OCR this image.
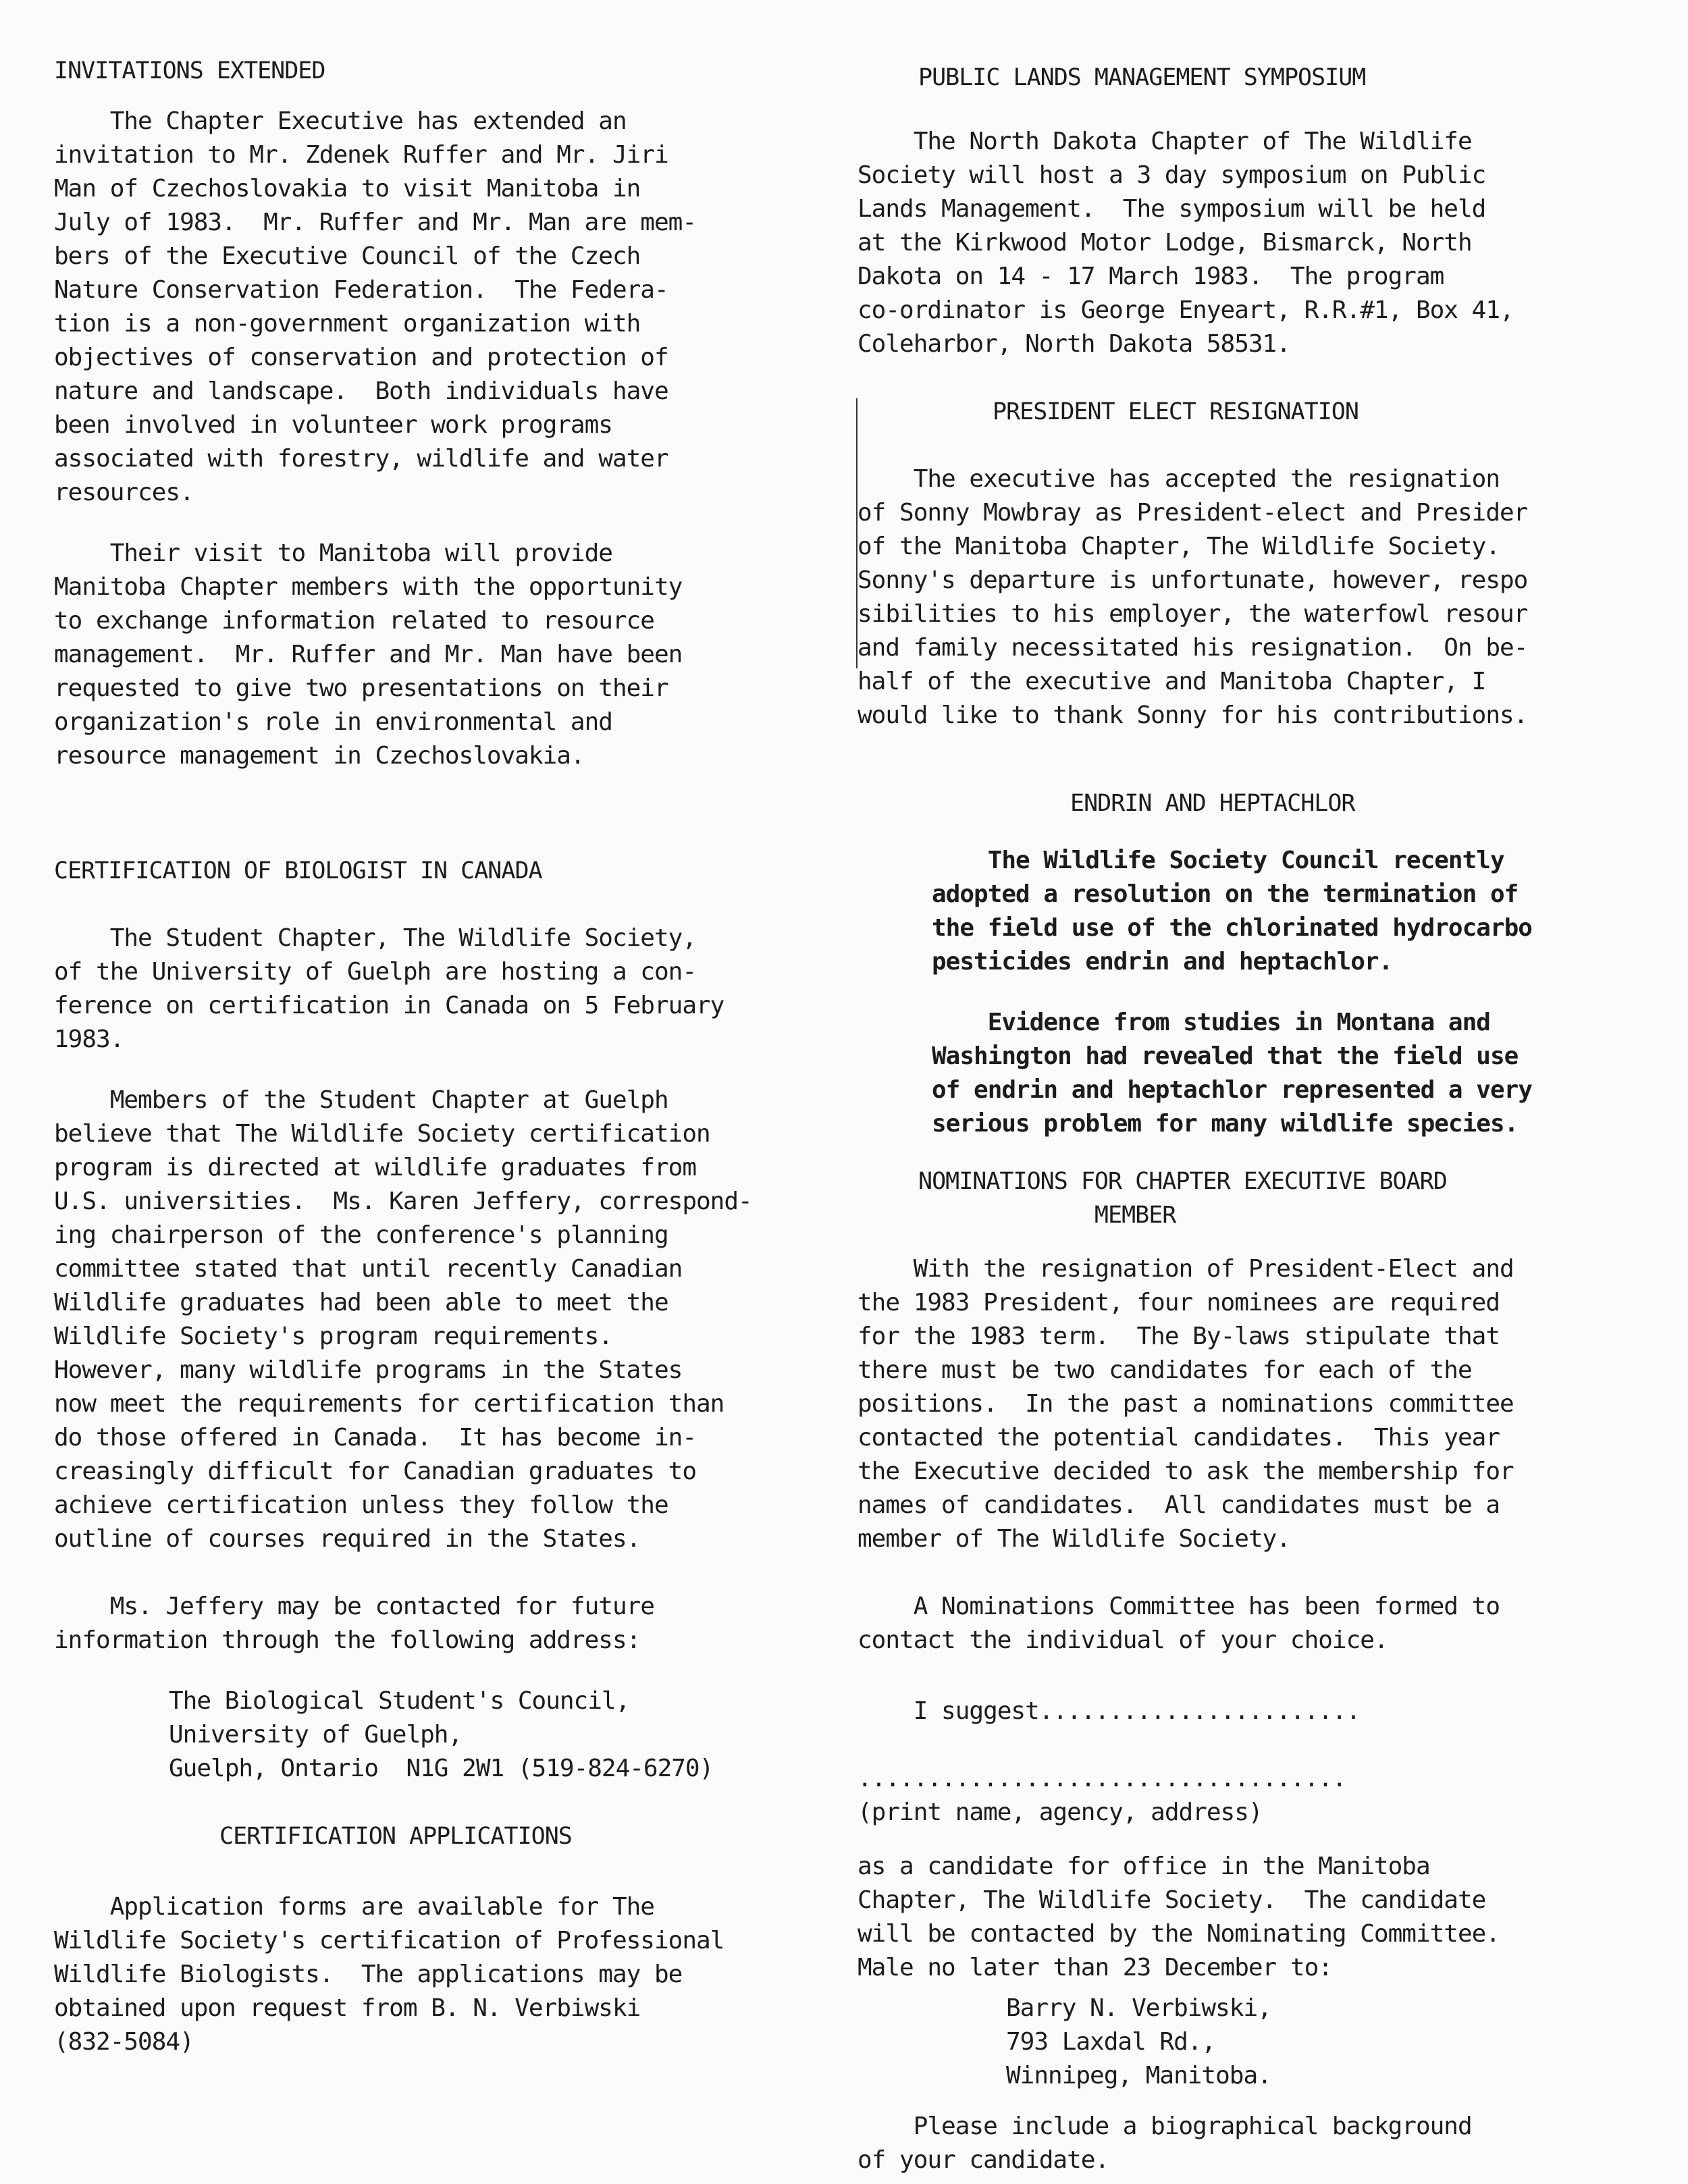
INVITATIONS EXTENDED
The Chapter Executive has extended an
invitation to Mr. Zdenek Ruffer and Mr. Jiri
Man of Czechoslovakia to visit Manitoba in
July of 1983.  Mr. Ruffer and Mr. Man are mem-
bers of the Executive Council of the Czech
Nature Conservation Federation.  The Federa-
tion is a non-government organization with
objectives of conservation and protection of
nature and landscape.  Both individuals have
been involved in volunteer work programs
associated with forestry, wildlife and water
resources.
Their visit to Manitoba will provide
Manitoba Chapter members with the opportunity
to exchange information related to resource
management.  Mr. Ruffer and Mr. Man have been
requested to give two presentations on their
organization's role in environmental and
resource management in Czechoslovakia.
CERTIFICATION OF BIOLOGIST IN CANADA
The Student Chapter, The Wildlife Society,
of the University of Guelph are hosting a con-
ference on certification in Canada on 5 February
1983.
Members of the Student Chapter at Guelph
believe that The Wildlife Society certification
program is directed at wildlife graduates from
U.S. universities.  Ms. Karen Jeffery, correspond-
ing chairperson of the conference's planning
committee stated that until recently Canadian
Wildlife graduates had been able to meet the
Wildlife Society's program requirements.
However, many wildlife programs in the States
now meet the requirements for certification than
do those offered in Canada.  It has become in-
creasingly difficult for Canadian graduates to
achieve certification unless they follow the
outline of courses required in the States.
Ms. Jeffery may be contacted for future
information through the following address:
The Biological Student's Council,
University of Guelph,
Guelph, Ontario  N1G 2W1 (519-824-6270)
CERTIFICATION APPLICATIONS
Application forms are available for The
Wildlife Society's certification of Professional
Wildlife Biologists.  The applications may be
obtained upon request from B. N. Verbiwski
(832-5084)
PUBLIC LANDS MANAGEMENT SYMPOSIUM
The North Dakota Chapter of The Wildlife
Society will host a 3 day symposium on Public
Lands Management.  The symposium will be held
at the Kirkwood Motor Lodge, Bismarck, North
Dakota on 14 - 17 March 1983.  The program
co-ordinator is George Enyeart, R.R.#1, Box 41,
Coleharbor, North Dakota 58531.
PRESIDENT ELECT RESIGNATION
The executive has accepted the resignation
of Sonny Mowbray as President-elect and Presider
of the Manitoba Chapter, The Wildlife Society.
Sonny's departure is unfortunate, however, respo
sibilities to his employer, the waterfowl resour
and family necessitated his resignation.  On be-
half of the executive and Manitoba Chapter, I
would like to thank Sonny for his contributions.
ENDRIN AND HEPTACHLOR
The Wildlife Society Council recently
adopted a resolution on the termination of
the field use of the chlorinated hydrocarbo
pesticides endrin and heptachlor.
Evidence from studies in Montana and
Washington had revealed that the field use
of endrin and heptachlor represented a very
serious problem for many wildlife species.
NOMINATIONS FOR CHAPTER EXECUTIVE BOARD
MEMBER
With the resignation of President-Elect and
the 1983 President, four nominees are required
for the 1983 term.  The By-laws stipulate that
there must be two candidates for each of the
positions.  In the past a nominations committee
contacted the potential candidates.  This year
the Executive decided to ask the membership for
names of candidates.  All candidates must be a
member of The Wildlife Society.
A Nominations Committee has been formed to
contact the individual of your choice.
I suggest.......................
...................................
(print name, agency, address)
as a candidate for office in the Manitoba
Chapter, The Wildlife Society.  The candidate
will be contacted by the Nominating Committee.
Male no later than 23 December to:
Barry N. Verbiwski,
793 Laxdal Rd.,
Winnipeg, Manitoba.
Please include a biographical background
of your candidate.
